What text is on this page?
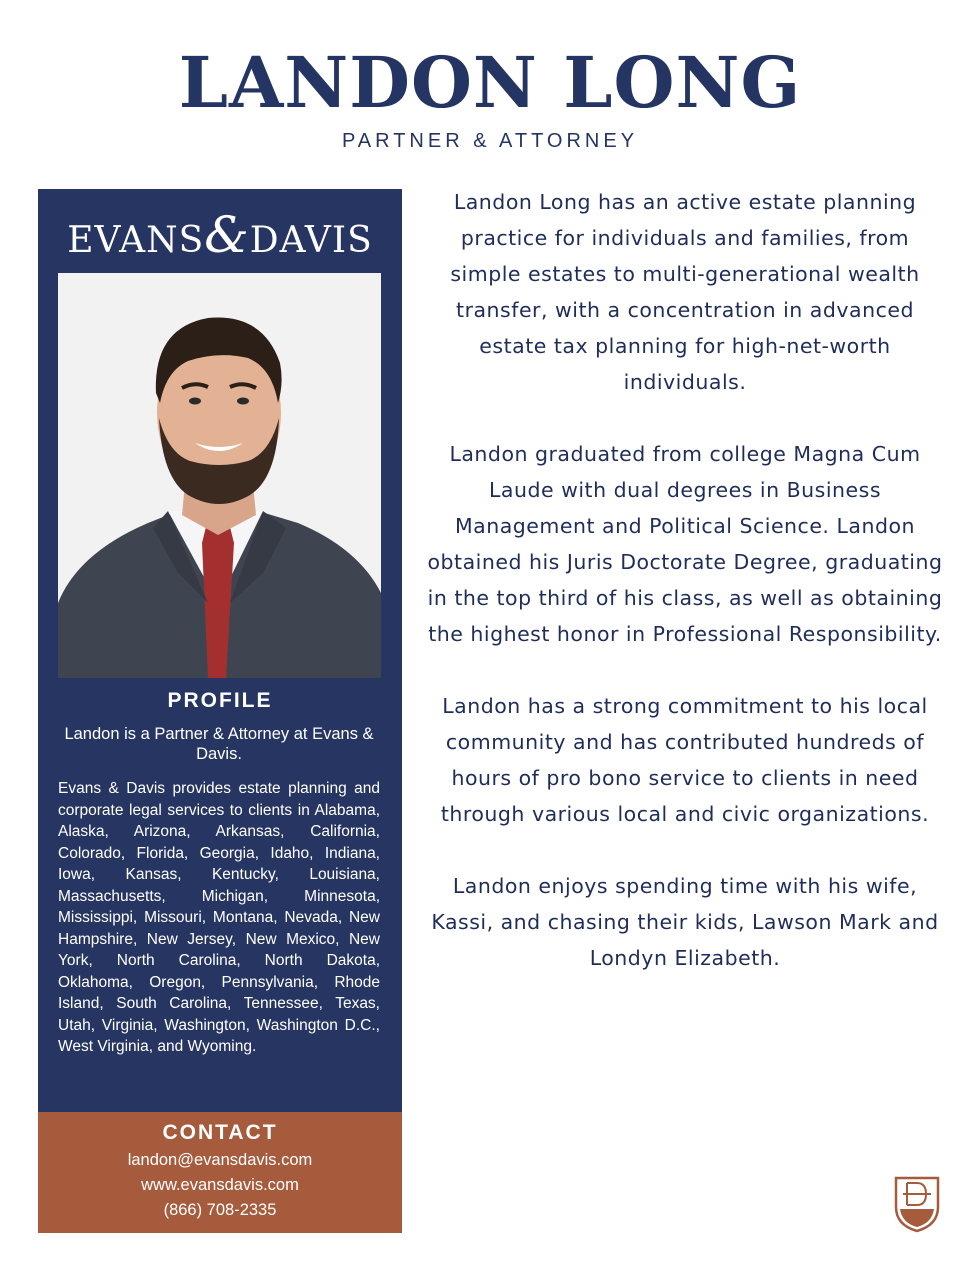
LANDON LONG
PARTNER & ATTORNEY
EVANS&DAVIS
PROFILE
Landon is a Partner & Attorney at Evans & Davis.
Evans & Davis provides estate planning and corporate legal services to clients in Alabama, Alaska, Arizona, Arkansas, California, Colorado, Florida, Georgia, Idaho, Indiana, Iowa, Kansas, Kentucky, Louisiana, Massachusetts, Michigan, Minnesota, Mississippi, Missouri, Montana, Nevada, New Hampshire, New Jersey, New Mexico, New York, North Carolina, North Dakota, Oklahoma, Oregon, Pennsylvania, Rhode Island, South Carolina, Tennessee, Texas, Utah, Virginia, Washington, Washington D.C., West Virginia, and Wyoming.
CONTACT
landon@evansdavis.com
www.evansdavis.com
(866) 708-2335

Landon Long has an active estate planning practice for individuals and families, from simple estates to multi-generational wealth transfer, with a concentration in advanced estate tax planning for high-net-worth individuals.

Landon graduated from college Magna Cum Laude with dual degrees in Business Management and Political Science. Landon obtained his Juris Doctorate Degree, graduating in the top third of his class, as well as obtaining the highest honor in Professional Responsibility.

Landon has a strong commitment to his local community and has contributed hundreds of hours of pro bono service to clients in need through various local and civic organizations.

Landon enjoys spending time with his wife, Kassi, and chasing their kids, Lawson Mark and Londyn Elizabeth.
